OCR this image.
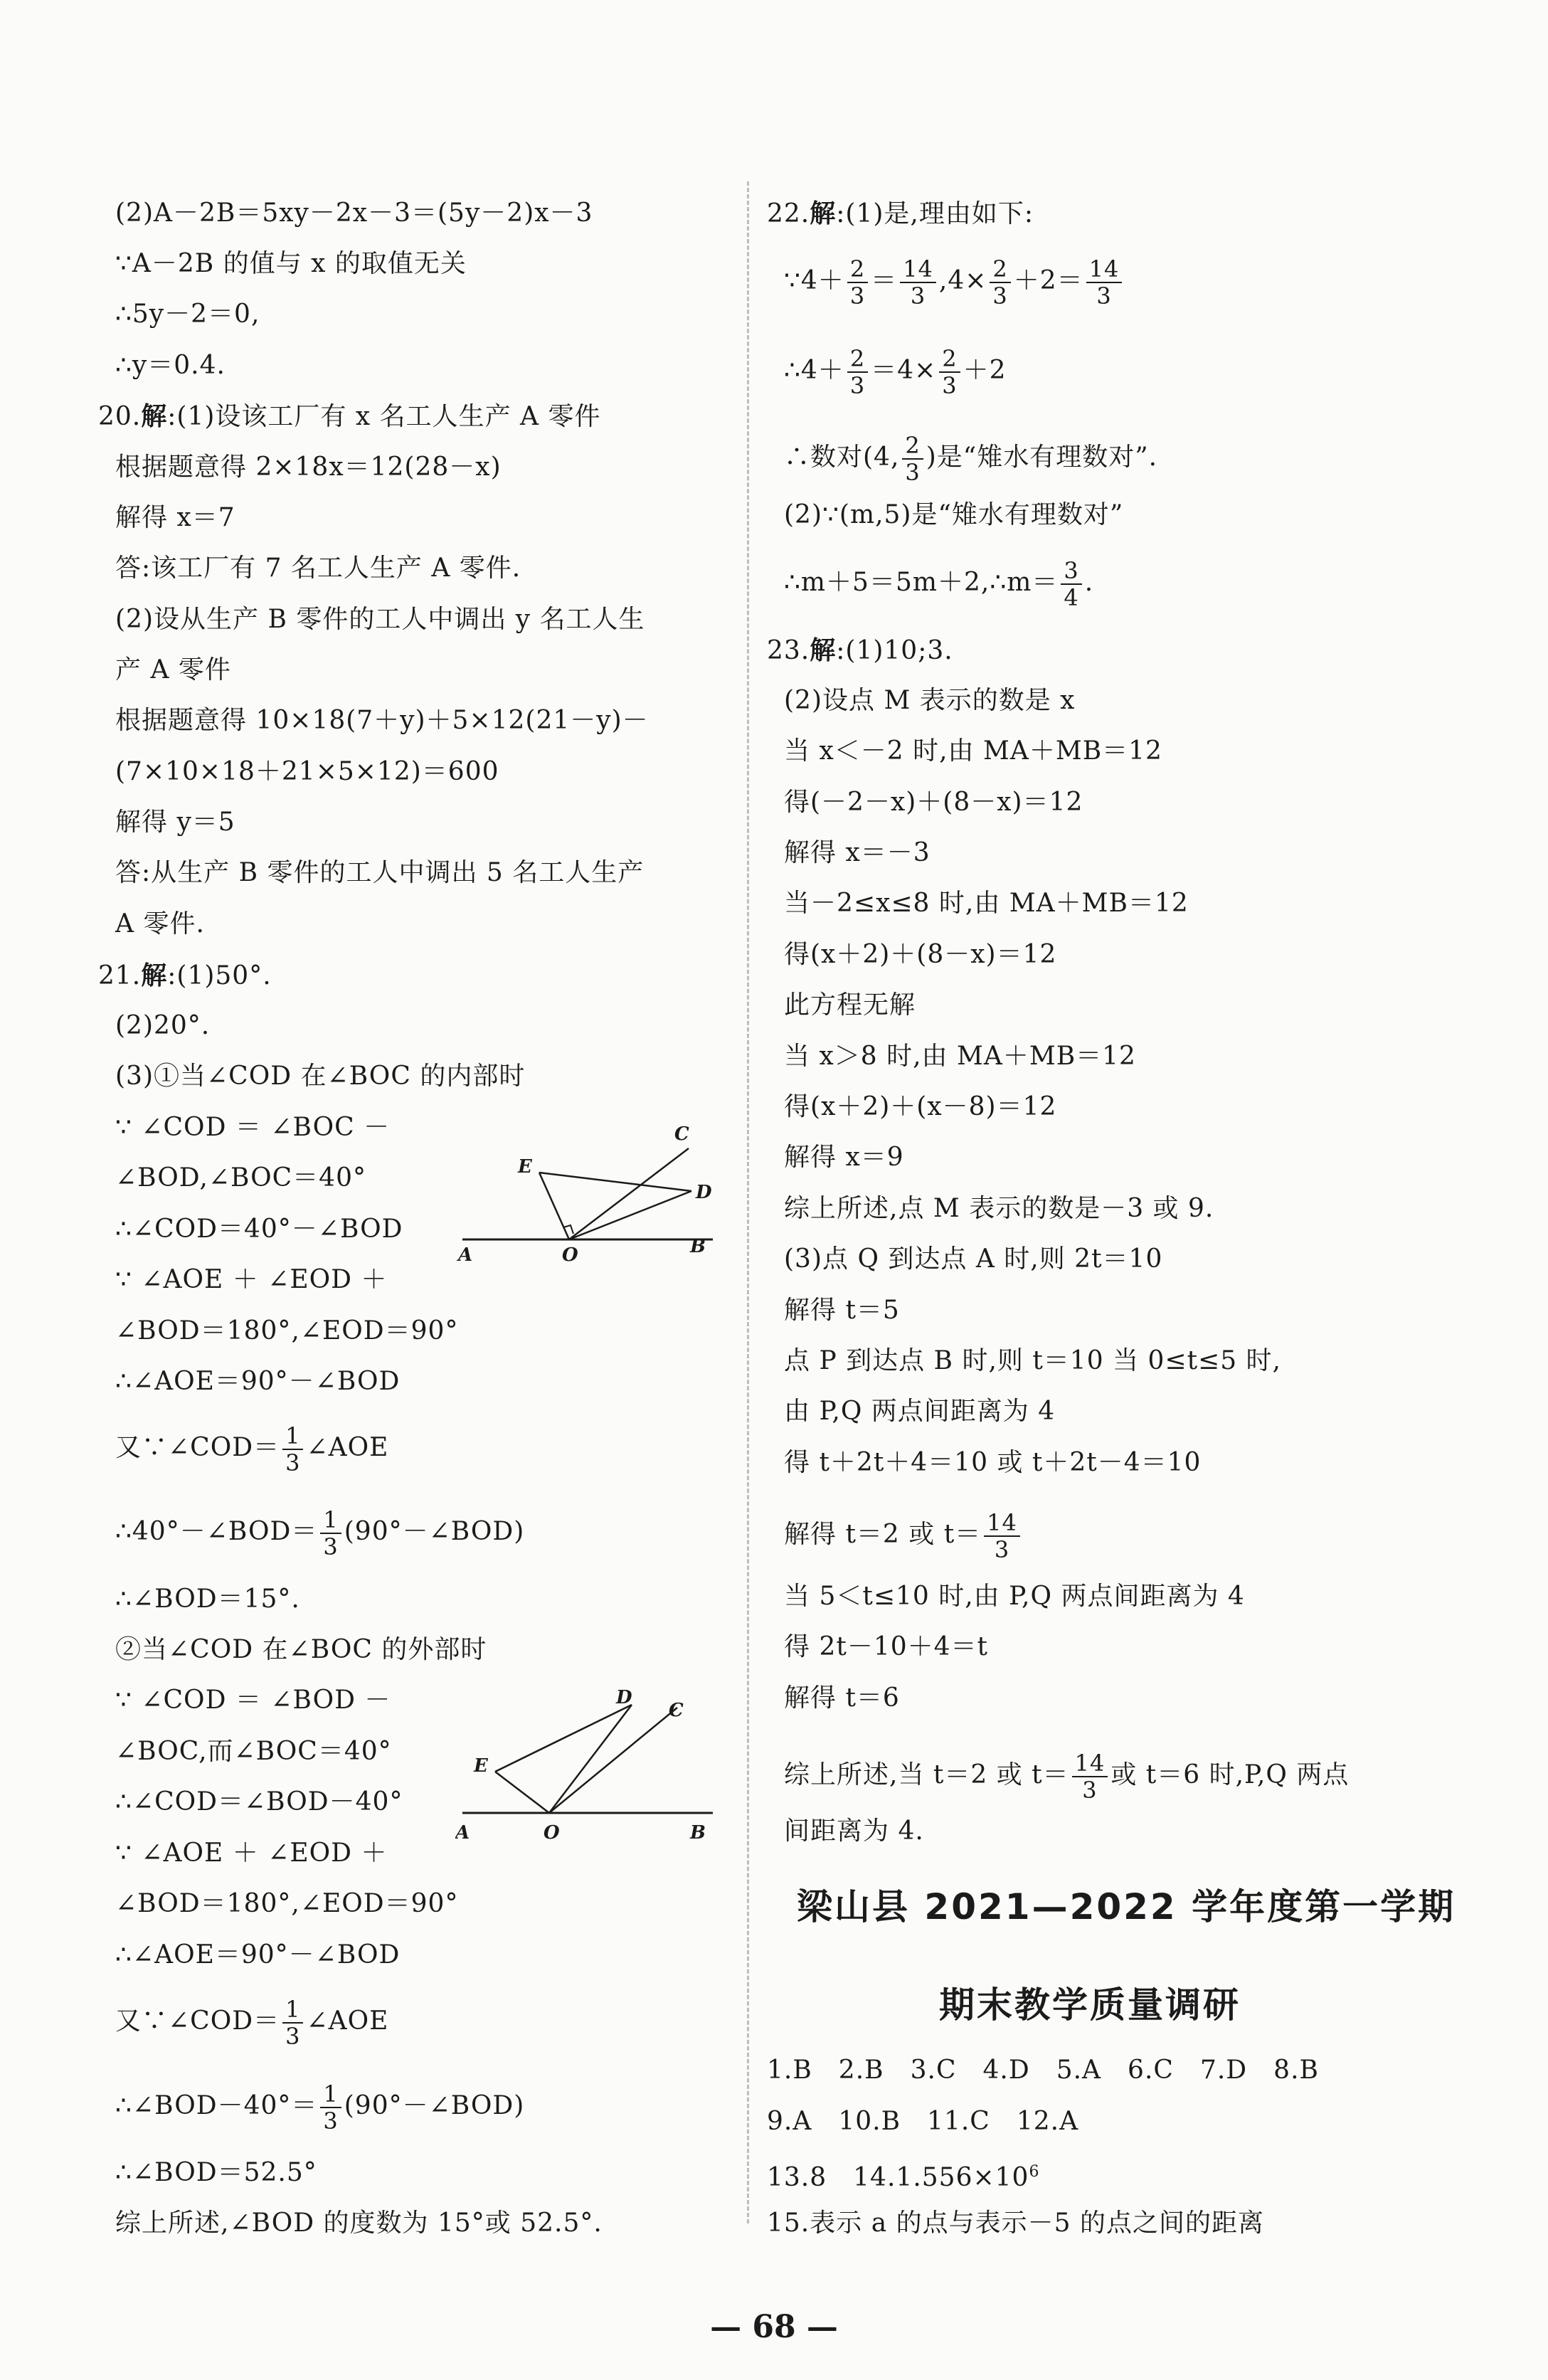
(2)A－2B＝5xy－2x－3＝(5y－2)x－3
∵A－2B 的值与 x 的取值无关
∴5y－2＝0,
∴y＝0.4.
20.解:(1)设该工厂有 x 名工人生产 A 零件
根据题意得 2×18x＝12(28－x)
解得 x＝7
答:该工厂有 7 名工人生产 A 零件.
(2)设从生产 B 零件的工人中调出 y 名工人生
产 A 零件
根据题意得 10×18(7＋y)＋5×12(21－y)－
(7×10×18＋21×5×12)＝600
解得 y＝5
答:从生产 B 零件的工人中调出 5 名工人生产
A 零件.
21.解:(1)50°.
(2)20°.
(3)①当∠COD 在∠BOC 的内部时
∵ ∠COD ＝ ∠BOC －
∠BOD,∠BOC＝40°
∴∠COD＝40°－∠BOD
∵ ∠AOE ＋ ∠EOD ＋
∠BOD＝180°,∠EOD＝90°
∴∠AOE＝90°－∠BOD
又∵∠COD＝ $\frac{1}{3}$ ∠AOE
∴40°－∠BOD＝ $\frac{1}{3}$ (90°－∠BOD)
∴∠BOD＝15°.
②当∠COD 在∠BOC 的外部时
∵ ∠COD ＝ ∠BOD －
∠BOC,而∠BOC＝40°
∴∠COD＝∠BOD－40°
∵ ∠AOE ＋ ∠EOD ＋
∠BOD＝180°,∠EOD＝90°
∴∠AOE＝90°－∠BOD
又∵∠COD＝ $\frac{1}{3}$ ∠AOE
∴∠BOD－40°＝ $\frac{1}{3}$ (90°－∠BOD)
∴∠BOD＝52.5°
综上所述,∠BOD 的度数为 15°或 52.5°.
A	O	B
C
D
E
A	O	B
C
D
E
22.解:(1)是,理由如下:
∵4＋ $\frac{2}{3} = \frac{14}{3} ,4\times \frac{2}{3} +2= \frac{14}{3}$
∴4＋ $\frac{2}{3} =4\times \frac{2}{3} +2$
∴数对(4, $\frac{2}{3}$ )是“雉水有理数对”.
(2)∵(m,5)是“雉水有理数对”
∴m＋5＝5m＋2,∴m＝ $\frac{3}{4}$ .
23.解:(1)10;3.
(2)设点 M 表示的数是 x
当 x＜－2 时,由 MA＋MB＝12
得(－2－x)＋(8－x)＝12
解得 x＝－3
当－2≤x≤8 时,由 MA＋MB＝12
得(x＋2)＋(8－x)＝12
此方程无解
当 x＞8 时,由 MA＋MB＝12
得(x＋2)＋(x－8)＝12
解得 x＝9
综上所述,点 M 表示的数是－3 或 9.
(3)点 Q 到达点 A 时,则 2t＝10
解得 t＝5
点 P 到达点 B 时,则 t＝10 当 0≤t≤5 时,
由 P,Q 两点间距离为 4
得 t＋2t＋4＝10 或 t＋2t－4＝10
解得 t＝2 或 $t= \frac{14}{3}$
当 5＜t≤10 时,由 P,Q 两点间距离为 4
得 2t－10＋4＝t
解得 t＝6
综上所述,当 t＝2 或 $t= \frac{14}{3}$ 或 t＝6 时,P,Q 两点
间距离为 4.
梁山县 2021—2022 学年度第一学期
期末教学质量调研
1.B　2.B　3.C　4.D　5.A　6.C　7.D　8.B
9.A　10.B　11.C　12.A
13.8　$14.1.556\times 10^6$
15.表示 a 的点与表示－5 的点之间的距离
— 68 —
